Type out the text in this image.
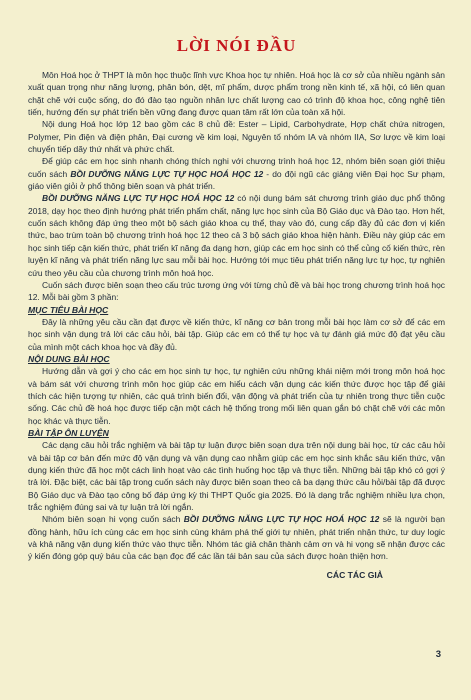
LỜI NÓI ĐẦU

Môn Hoá học ở THPT là môn học thuộc lĩnh vực Khoa học tự nhiên. Hoá học là cơ sở của nhiều ngành sản xuất quan trọng như năng lượng, phân bón, dệt, mĩ phẩm, dược phẩm trong nền kinh tế, xã hội, có liên quan chặt chẽ với cuộc sống, do đó đào tạo nguồn nhân lực chất lượng cao có trình độ khoa học, công nghệ tiên tiến, hướng đến sự phát triển bền vững đang được quan tâm rất lớn của toàn xã hội.

Nội dung Hoá học lớp 12 bao gồm các 8 chủ đề: Ester – Lipid, Carbohydrate, Hợp chất chứa nitrogen, Polymer, Pin điện và điện phân, Đại cương về kim loại, Nguyên tố nhóm IA và nhóm IIA, Sơ lược về kim loại chuyển tiếp dãy thứ nhất và phức chất.

Để giúp các em học sinh nhanh chóng thích nghi với chương trình hoá học 12, nhóm biên soạn giới thiệu cuốn sách BỒI DƯỠNG NĂNG LỰC TỰ HỌC HOÁ HỌC 12 - do đội ngũ các giảng viên Đại học Sư phạm, giáo viên giỏi ở phổ thông biên soạn và phát triển.

BỒI DƯỠNG NĂNG LỰC TỰ HỌC HOÁ HỌC 12 có nội dung bám sát chương trình giáo dục phổ thông 2018, dạy học theo định hướng phát triển phẩm chất, năng lực học sinh của Bộ Giáo dục và Đào tạo. Hơn hết, cuốn sách không đáp ứng theo một bộ sách giáo khoa cụ thể, thay vào đó, cung cấp đầy đủ các đơn vị kiến thức, bao trùm toàn bộ chương trình hoá học 12 theo cả 3 bộ sách giáo khoa hiện hành. Điều này giúp các em học sinh tiếp cận kiến thức, phát triển kĩ năng đa dạng hơn, giúp các em học sinh có thể củng cố kiến thức, rèn luyện kĩ năng và phát triển năng lực sau mỗi bài học. Hướng tới mục tiêu phát triển năng lực tự học, tự nghiên cứu theo yêu cầu của chương trình môn hoá học.

Cuốn sách được biên soạn theo cấu trúc tương ứng với từng chủ đề và bài học trong chương trình hoá học 12. Mỗi bài gồm 3 phần:

MỤC TIÊU BÀI HỌC

Đây là những yêu cầu cần đạt được về kiến thức, kĩ năng cơ bản trong mỗi bài học làm cơ sở để các em học sinh vận dụng trả lời các câu hỏi, bài tập. Giúp các em có thể tự học và tự đánh giá mức độ đạt yêu cầu của mình một cách khoa học và đầy đủ.

NỘI DUNG BÀI HỌC

Hướng dẫn và gợi ý cho các em học sinh tự học, tự nghiên cứu những khái niệm mới trong môn hoá học và bám sát với chương trình môn học giúp các em hiểu cách vận dụng các kiến thức được học tập để giải thích các hiện tượng tự nhiên, các quá trình biến đổi, vận động và phát triển của tự nhiên trong thực tiễn cuộc sống. Các chủ đề hoá học được tiếp cận một cách hệ thống trong mối liên quan gắn bó chặt chẽ với các môn học khác và thực tiễn.

BÀI TẬP ÔN LUYỆN

Các dạng câu hỏi trắc nghiệm và bài tập tự luận được biên soạn dựa trên nội dung bài học, từ các câu hỏi và bài tập cơ bản đến mức độ vận dụng và vận dụng cao nhằm giúp các em học sinh khắc sâu kiến thức, vận dụng kiến thức đã học một cách linh hoạt vào các tình huống học tập và thực tiễn. Những bài tập khó có gợi ý trả lời. Đặc biệt, các bài tập trong cuốn sách này được biên soạn theo cả ba dạng thức câu hỏi/bài tập đã được Bộ Giáo dục và Đào tạo công bố đáp ứng kỳ thi THPT Quốc gia 2025. Đó là dạng trắc nghiệm nhiều lựa chọn, trắc nghiệm đúng sai và tự luận trả lời ngắn.

Nhóm biên soạn hi vọng cuốn sách BỒI DƯỠNG NĂNG LỰC TỰ HỌC HOÁ HỌC 12 sẽ là người bạn đồng hành, hữu ích cùng các em học sinh cùng khám phá thế giới tự nhiên, phát triển nhận thức, tư duy logic và khả năng vận dụng kiến thức vào thực tiễn. Nhóm tác giả chân thành cảm ơn và hi vọng sẽ nhận được các ý kiến đóng góp quý báu của các bạn đọc để các lần tái bản sau của sách được hoàn thiện hơn.

CÁC TÁC GIẢ
3
